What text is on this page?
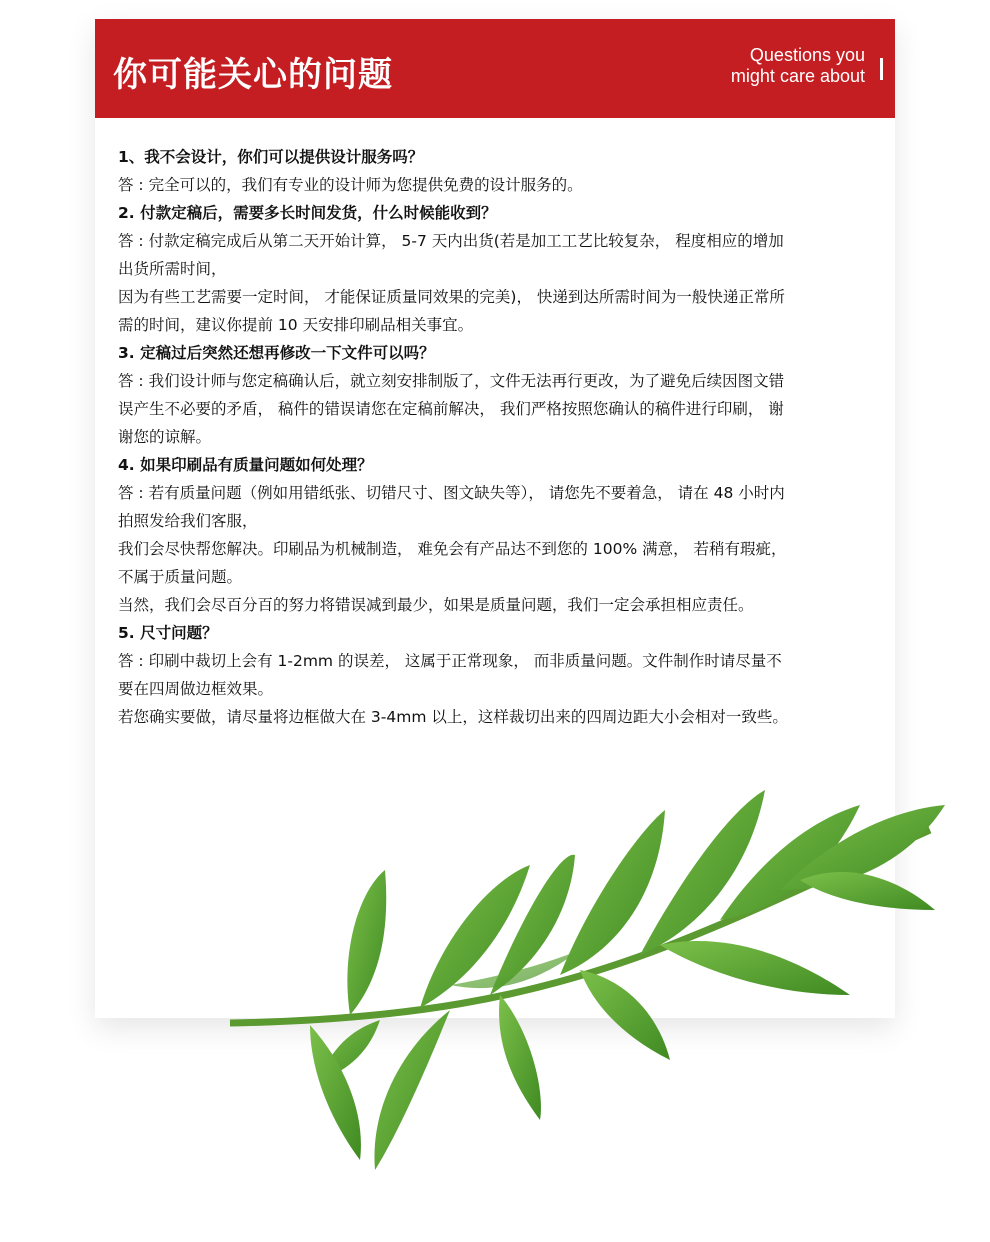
你可能关心的问题	Questions you
might care about
1、我不会设计，你们可以提供设计服务吗？
答 : 完全可以的，我们有专业的设计师为您提供免费的设计服务的。
2. 付款定稿后，需要多长时间发货，什么时候能收到？
答 : 付款定稿完成后从第二天开始计算， 5-7 天内出货(若是加工工艺比较复杂， 程度相应的增加
出货所需时间，
因为有些工艺需要一定时间， 才能保证质量同效果的完美)， 快递到达所需时间为一般快递正常所
需的时间，建议你提前 10 天安排印刷品相关事宜。
3. 定稿过后突然还想再修改一下文件可以吗？
答 : 我们设计师与您定稿确认后，就立刻安排制版了，文件无法再行更改，为了避免后续因图文错
误产生不必要的矛盾， 稿件的错误请您在定稿前解决， 我们严格按照您确认的稿件进行印刷， 谢
谢您的谅解。
4. 如果印刷品有质量问题如何处理？
答 : 若有质量问题（例如用错纸张、切错尺寸、图文缺失等）， 请您先不要着急， 请在 48 小时内
拍照发给我们客服，
我们会尽快帮您解决。印刷品为机械制造， 难免会有产品达不到您的 100% 满意， 若稍有瑕疵，
不属于质量问题。
当然，我们会尽百分百的努力将错误减到最少，如果是质量问题，我们一定会承担相应责任。
5. 尺寸问题？
答 : 印刷中裁切上会有 1-2mm 的误差， 这属于正常现象， 而非质量问题。文件制作时请尽量不
要在四周做边框效果。
若您确实要做，请尽量将边框做大在 3-4mm 以上，这样裁切出来的四周边距大小会相对一致些。
